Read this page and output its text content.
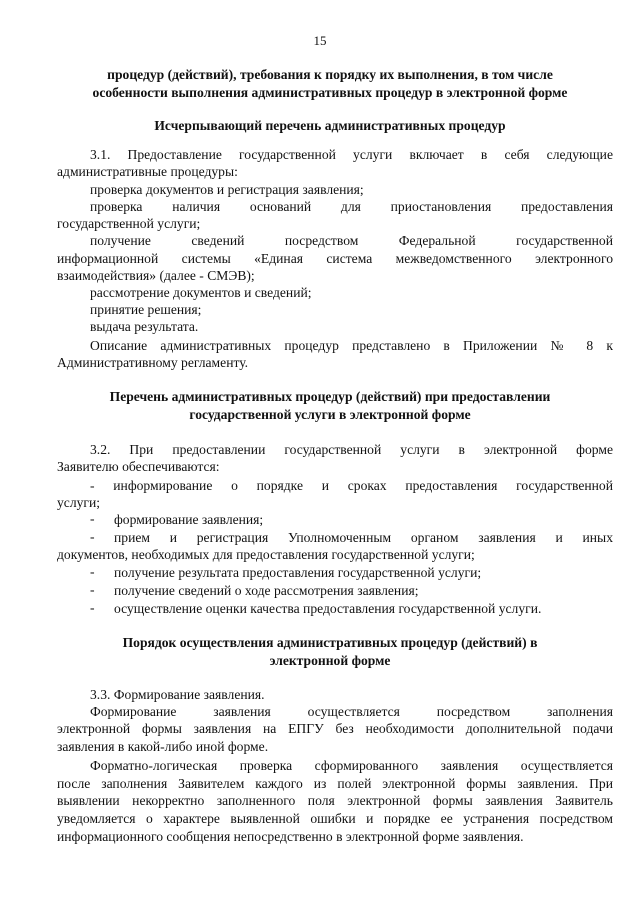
15
процедур (действий), требования к порядку их выполнения, в том числе
особенности выполнения административных процедур в электронной форме
Исчерпывающий перечень административных процедур
3.1. Предоставление государственной услуги включает в себя следующие
административные процедуры:
проверка документов и регистрация заявления;
проверка наличия оснований для приостановления предоставления
государственной услуги;
получение сведений посредством Федеральной государственной
информационной системы «Единая система межведомственного электронного
взаимодействия» (далее - СМЭВ);
рассмотрение документов и сведений;
принятие решения;
выдача результата.
Описание административных процедур представлено в Приложении № 8 к
Административному регламенту.
Перечень административных процедур (действий) при предоставлении
государственной услуги в электронной форме
3.2. При предоставлении государственной услуги в электронной форме
Заявителю обеспечиваются:
- информирование о порядке и сроках предоставления государственной
услуги;
- формирование заявления;
- прием и регистрация Уполномоченным органом заявления и иных
документов, необходимых для предоставления государственной услуги;
- получение результата предоставления государственной услуги;
- получение сведений о ходе рассмотрения заявления;
- осуществление оценки качества предоставления государственной услуги.
Порядок осуществления административных процедур (действий) в
электронной форме
3.3. Формирование заявления.
Формирование заявления осуществляется посредством заполнения
электронной формы заявления на ЕПГУ без необходимости дополнительной подачи
заявления в какой-либо иной форме.
Форматно-логическая проверка сформированного заявления осуществляется
после заполнения Заявителем каждого из полей электронной формы заявления. При
выявлении некорректно заполненного поля электронной формы заявления Заявитель
уведомляется о характере выявленной ошибки и порядке ее устранения посредством
информационного сообщения непосредственно в электронной форме заявления.
